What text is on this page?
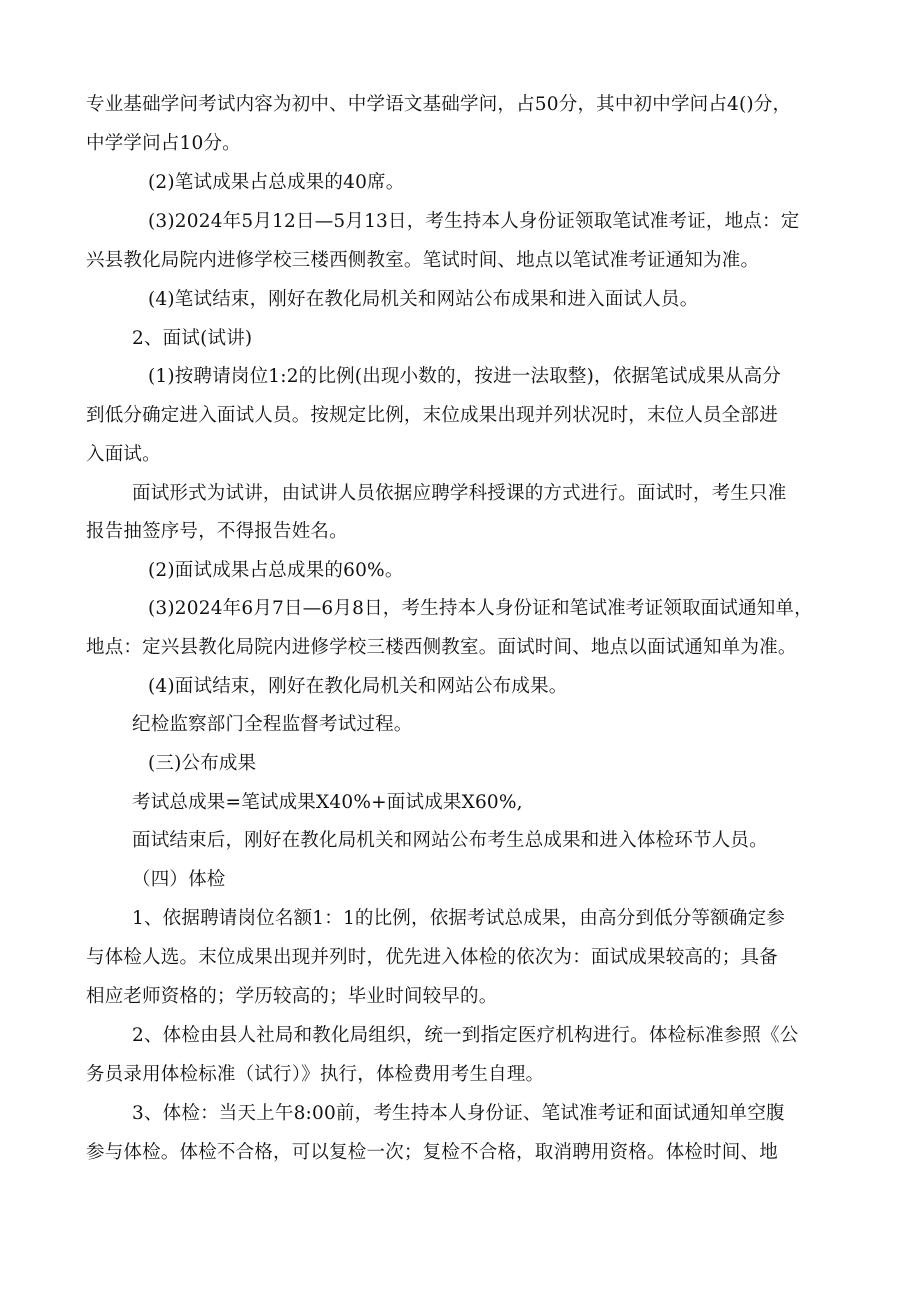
专业基础学问考试内容为初中、中学语文基础学问，占50分，其中初中学问占4()分，
中学学问占10分。
(2)笔试成果占总成果的40席。
(3)2024年5月12日—5月13日，考生持本人身份证领取笔试准考证，地点：定
兴县教化局院内进修学校三楼西侧教室。笔试时间、地点以笔试准考证通知为准。
(4)笔试结束，刚好在教化局机关和网站公布成果和进入面试人员。
2、面试(试讲)
(1)按聘请岗位1:2的比例(出现小数的，按进一法取整)，依据笔试成果从高分
到低分确定进入面试人员。按规定比例，末位成果出现并列状况时，末位人员全部进
入面试。
面试形式为试讲，由试讲人员依据应聘学科授课的方式进行。面试时，考生只准
报告抽签序号，不得报告姓名。
(2)面试成果占总成果的60%。
(3)2024年6月7日—6月8日，考生持本人身份证和笔试准考证领取面试通知单，
地点：定兴县教化局院内进修学校三楼西侧教室。面试时间、地点以面试通知单为准。
(4)面试结束，刚好在教化局机关和网站公布成果。
纪检监察部门全程监督考试过程。
(三)公布成果
考试总成果=笔试成果X40%+面试成果X60%,
面试结束后，刚好在教化局机关和网站公布考生总成果和进入体检环节人员。
（四）体检
1、依据聘请岗位名额1：1的比例，依据考试总成果，由高分到低分等额确定参
与体检人选。末位成果出现并列时，优先进入体检的依次为：面试成果较高的；具备
相应老师资格的；学历较高的；毕业时间较早的。
2、体检由县人社局和教化局组织，统一到指定医疗机构进行。体检标准参照《公
务员录用体检标准（试行）》执行，体检费用考生自理。
3、体检：当天上午8:00前，考生持本人身份证、笔试准考证和面试通知单空腹
参与体检。体检不合格，可以复检一次；复检不合格，取消聘用资格。体检时间、地
